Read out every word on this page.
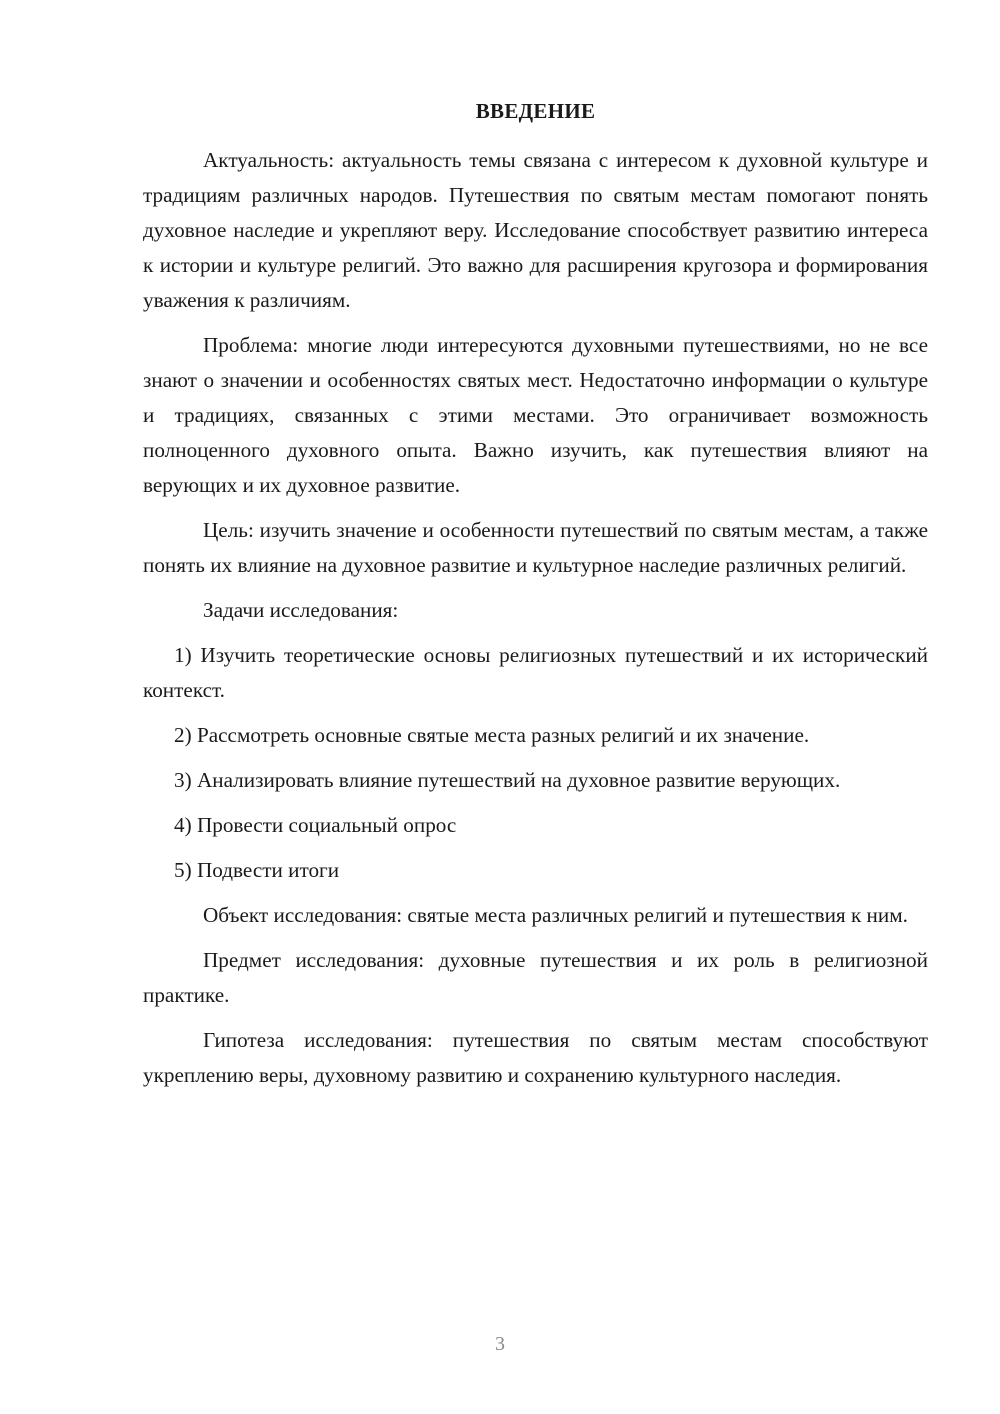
ВВЕДЕНИЕ

Актуальность: актуальность темы связана с интересом к духовной культуре и традициям различных народов. Путешествия по святым местам помогают понять духовное наследие и укрепляют веру. Исследование способствует развитию интереса к истории и культуре религий. Это важно для расширения кругозора и формирования уважения к различиям.

Проблема: многие люди интересуются духовными путешествиями, но не все знают о значении и особенностях святых мест. Недостаточно информации о культуре и традициях, связанных с этими местами. Это ограничивает возможность полноценного духовного опыта. Важно изучить, как путешествия влияют на верующих и их духовное развитие.

Цель: изучить значение и особенности путешествий по святым местам, а также понять их влияние на духовное развитие и культурное наследие различных религий.

Задачи исследования:

1) Изучить теоретические основы религиозных путешествий и их исторический контекст.

2) Рассмотреть основные святые места разных религий и их значение.

3) Анализировать влияние путешествий на духовное развитие верующих.

4) Провести социальный опрос

5) Подвести итоги

Объект исследования: святые места различных религий и путешествия к ним.

Предмет исследования: духовные путешествия и их роль в религиозной практике.

Гипотеза исследования: путешествия по святым местам способствуют укреплению веры, духовному развитию и сохранению культурного наследия.

3
